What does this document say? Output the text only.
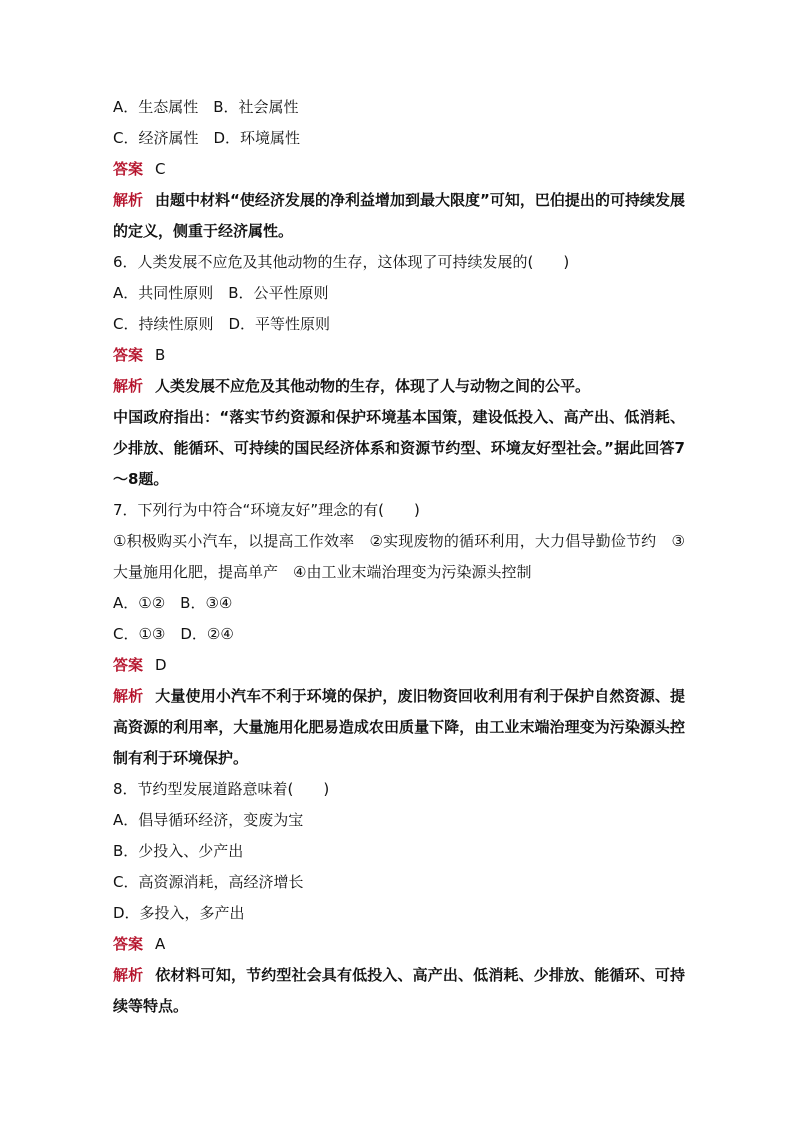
A．生态属性　B．社会属性
C．经济属性　D．环境属性
答案 C
解析 由题中材料“使经济发展的净利益增加到最大限度”可知，巴伯提出的可持续发展的定义，侧重于经济属性。
6．人类发展不应危及其他动物的生存，这体现了可持续发展的(　　)
A．共同性原则　B．公平性原则
C．持续性原则　D．平等性原则
答案 B
解析 人类发展不应危及其他动物的生存，体现了人与动物之间的公平。
中国政府指出：“落实节约资源和保护环境基本国策，建设低投入、高产出、低消耗、少排放、能循环、可持续的国民经济体系和资源节约型、环境友好型社会。”据此回答7～8题。
7．下列行为中符合“环境友好”理念的有(　　)
①积极购买小汽车，以提高工作效率　②实现废物的循环利用，大力倡导勤俭节约　③大量施用化肥，提高单产　④由工业末端治理变为污染源头控制
A．①②　B．③④
C．①③　D．②④
答案 D
解析 大量使用小汽车不利于环境的保护，废旧物资回收利用有利于保护自然资源、提高资源的利用率，大量施用化肥易造成农田质量下降，由工业末端治理变为污染源头控制有利于环境保护。
8．节约型发展道路意味着(　　)
A．倡导循环经济，变废为宝
B．少投入、少产出
C．高资源消耗，高经济增长
D．多投入，多产出
答案 A
解析 依材料可知，节约型社会具有低投入、高产出、低消耗、少排放、能循环、可持续等特点。
